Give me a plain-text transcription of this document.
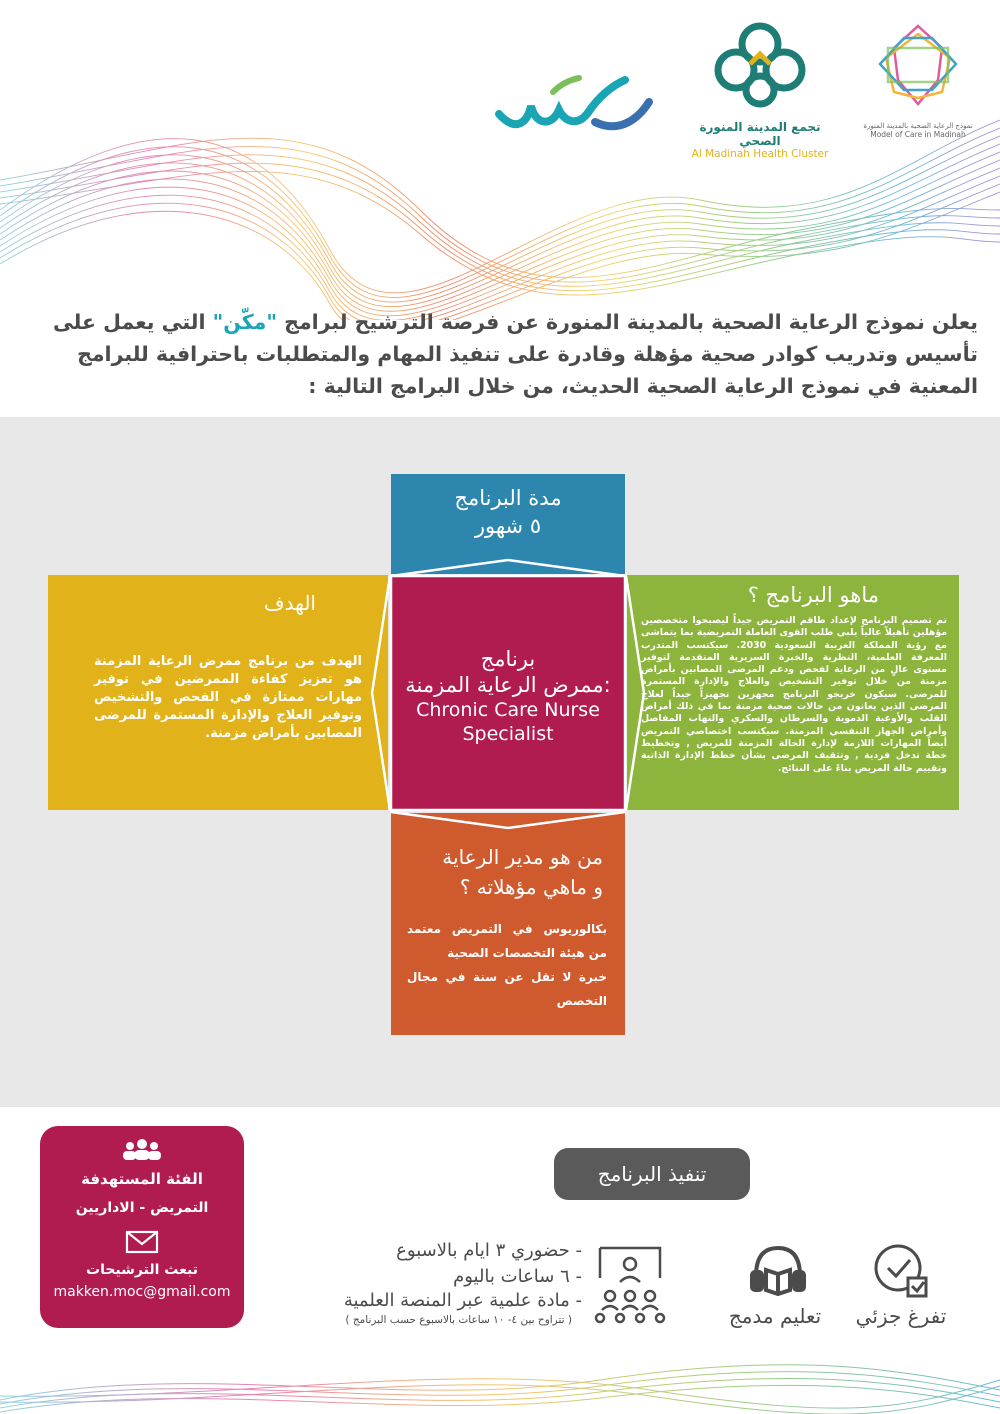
تجمع المدينة المنورة الصحي
Al Madinah Health Cluster
نموذج الرعاية الصحية بالمدينة المنورة
Model of Care in Madinah
يعلن نموذج الرعاية الصحية بالمدينة المنورة عن فرصة الترشيح لبرامج "مكّن" التي يعمل على تأسيس وتدريب كوادر صحية مؤهلة وقادرة على تنفيذ المهام والمتطلبات باحترافية للبرامج المعنية في نموذج الرعاية الصحية الحديث، من خلال البرامج التالية :
مدة البرنامج
٥ شهور
الهدف
الهدف من برنامج ممرض الرعاية المزمنة هو تعزيز كفاءة الممرضين في توفير مهارات ممتازة في الفحص والتشخيص وتوفير العلاج والإدارة المستمرة للمرضى المصابين بأمراض مزمنة.
برنامج
:ممرض الرعاية المزمنة
Chronic Care Nurse
Specialist
ماهو البرنامج ؟
تم تصميم البرنامج لإعداد طاقم التمريض جيداً ليصبحوا متخصصين مؤهلين تأهيلاً عالياً يلبي طلب القوى العاملة التمريضية بما يتماشى مع رؤية المملكة العربية السعودية 2030. سيكتسب المتدرب المعرفة العلمية، النظرية والخبرة السريرية المتقدمة لتوفير مستوى عالٍ من الرعاية لفحص ودعم المرضى المصابين بأمراض مزمنة من خلال توفير التشخيص والعلاج والإدارة المستمرة للمرضى. سيكون خريجو البرنامج مجهزين تجهيزاً جيداً لعلاج المرضى الذين يعانون من حالات صحية مزمنة بما في ذلك أمراض القلب والأوعية الدموية والسرطان والسكري والتهاب المفاصل وأمراض الجهاز التنفسي المزمنة. سيكتسب اختصاصي التمريض أيضاً المهارات اللازمة لإدارة الحالة المزمنة للمريض , وتخطيط خطة تدخل فردية , وتثقيف المرضى بشأن خطط الإدارة الذاتية وتقييم حالة المريض بناءً على النتائج.
من هو مدير الرعاية
و ماهي مؤهلاته ؟
بكالوريوس في التمريض معتمد من هيئة التخصصات الصحية
خبرة لا تقل عن سنة في مجال التخصص
الفئة المستهدفة
التمريض - الاداريين
تبعث الترشيحات
makken.moc@gmail.com
تنفيذ البرنامج
- حضوري ٣ ايام بالاسبوع
- ٦ ساعات باليوم
- مادة علمية عبر المنصة العلمية
( تتراوح بين ٤- ١٠ ساعات بالاسبوع حسب البرنامج )	تعليم مدمج	تفرغ جزئي
